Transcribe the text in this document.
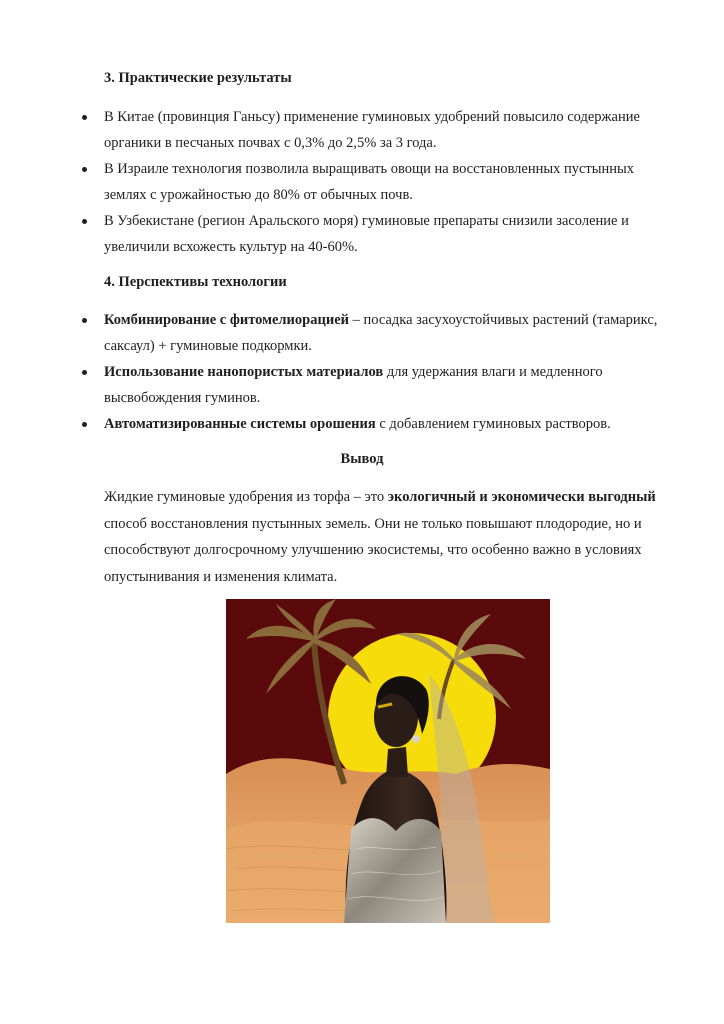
3. Практические результаты
В Китае (провинция Ганьсу) применение гуминовых удобрений повысило содержание органики в песчаных почвах с 0,3% до 2,5% за 3 года.
В Израиле технология позволила выращивать овощи на восстановленных пустынных землях с урожайностью до 80% от обычных почв.
В Узбекистане (регион Аральского моря) гуминовые препараты снизили засоление и увеличили всхожесть культур на 40-60%.
4. Перспективы технологии
Комбинирование с фитомелиорацией – посадка засухоустойчивых растений (тамарикс, саксаул) + гуминовые подкормки.
Использование нанопористых материалов для удержания влаги и медленного высвобождения гуминов.
Автоматизированные системы орошения с добавлением гуминовых растворов.
Вывод

Жидкие гуминовые удобрения из торфа – это экологичный и экономически выгодный способ восстановления пустынных земель. Они не только повышают плодородие, но и способствуют долгосрочному улучшению экосистемы, что особенно важно в условиях опустынивания и изменения климата.
